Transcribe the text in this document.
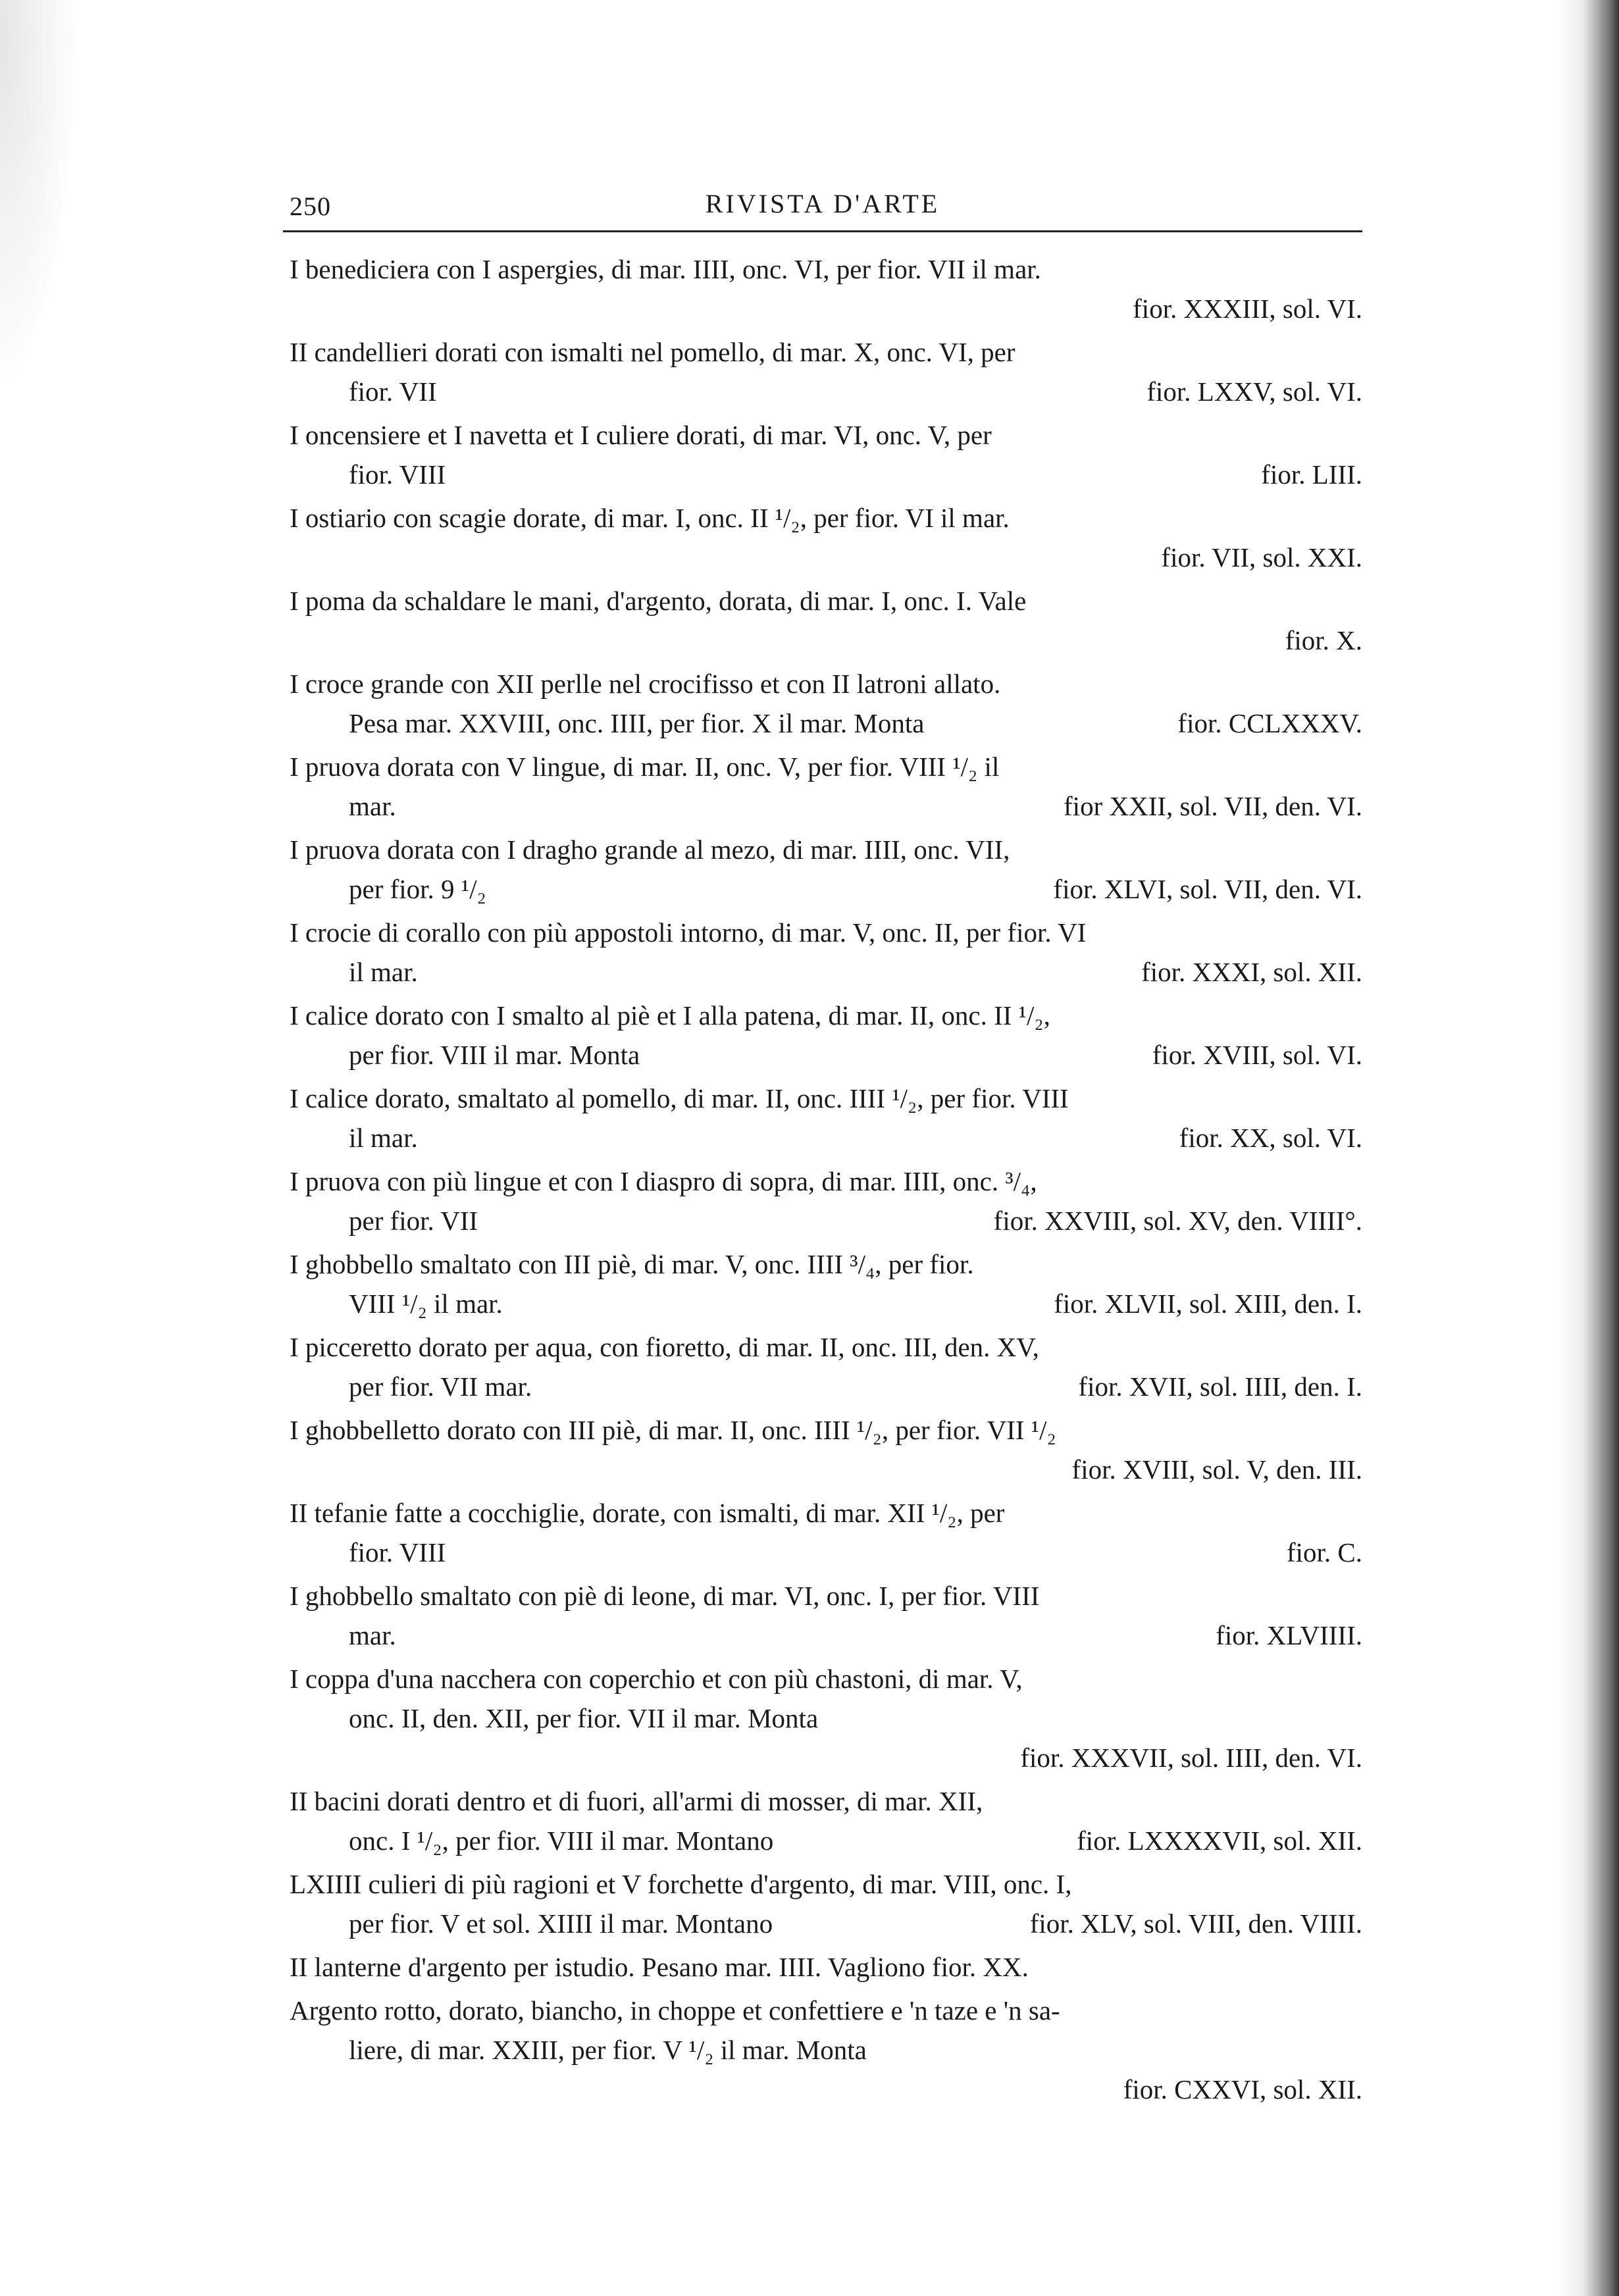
250	RIVISTA D'ARTE
I benediciera con I aspergies, di mar. IIII, onc. VI, per fior. VII il mar.
fior. XXXIII, sol. VI.
II candellieri dorati con ismalti nel pomello, di mar. X, onc. VI, per
fior. VII	fior. LXXV, sol. VI.
I oncensiere et I navetta et I culiere dorati, di mar. VI, onc. V, per
fior. VIII	fior. LIII.
I ostiario con scagie dorate, di mar. I, onc. II ¹/₂, per fior. VI il mar.
fior. VII, sol. XXI.
I poma da schaldare le mani, d'argento, dorata, di mar. I, onc. I. Vale
fior. X.
I croce grande con XII perlle nel crocifisso et con II latroni allato.
Pesa mar. XXVIII, onc. IIII, per fior. X il mar. Monta	fior. CCLXXXV.
I pruova dorata con V lingue, di mar. II, onc. V, per fior. VIII ¹/₂ il
mar.	fior XXII, sol. VII, den. VI.
I pruova dorata con I dragho grande al mezo, di mar. IIII, onc. VII,
per fior. 9 ¹/₂	fior. XLVI, sol. VII, den. VI.
I crocie di corallo con più appostoli intorno, di mar. V, onc. II, per fior. VI
il mar.	fior. XXXI, sol. XII.
I calice dorato con I smalto al piè et I alla patena, di mar. II, onc. II ¹/₂,
per fior. VIII il mar. Monta	fior. XVIII, sol. VI.
I calice dorato, smaltato al pomello, di mar. II, onc. IIII ¹/₂, per fior. VIII
il mar.	fior. XX, sol. VI.
I pruova con più lingue et con I diaspro di sopra, di mar. IIII, onc. ³/₄,
per fior. VII	fior. XXVIII, sol. XV, den. VIIII°.
I ghobbello smaltato con III piè, di mar. V, onc. IIII ³/₄, per fior.
VIII ¹/₂ il mar.	fior. XLVII, sol. XIII, den. I.
I picceretto dorato per aqua, con fioretto, di mar. II, onc. III, den. XV,
per fior. VII mar.	fior. XVII, sol. IIII, den. I.
I ghobbelletto dorato con III piè, di mar. II, onc. IIII ¹/₂, per fior. VII ¹/₂
fior. XVIII, sol. V, den. III.
II tefanie fatte a cocchiglie, dorate, con ismalti, di mar. XII ¹/₂, per
fior. VIII	fior. C.
I ghobbello smaltato con piè di leone, di mar. VI, onc. I, per fior. VIII
mar.	fior. XLVIIII.
I coppa d'una nacchera con coperchio et con più chastoni, di mar. V,
onc. II, den. XII, per fior. VII il mar. Monta
fior. XXXVII, sol. IIII, den. VI.
II bacini dorati dentro et di fuori, all'armi di mosser, di mar. XII,
onc. I ¹/₂, per fior. VIII il mar. Montano	fior. LXXXXVII, sol. XII.
LXIIII culieri di più ragioni et V forchette d'argento, di mar. VIII, onc. I,
per fior. V et sol. XIIII il mar. Montano	fior. XLV, sol. VIII, den. VIIII.
II lanterne d'argento per istudio. Pesano mar. IIII. Vagliono fior. XX.
Argento rotto, dorato, biancho, in choppe et confettiere e 'n taze e 'n sa-
liere, di mar. XXIII, per fior. V ¹/₂ il mar. Monta
fior. CXXVI, sol. XII.
